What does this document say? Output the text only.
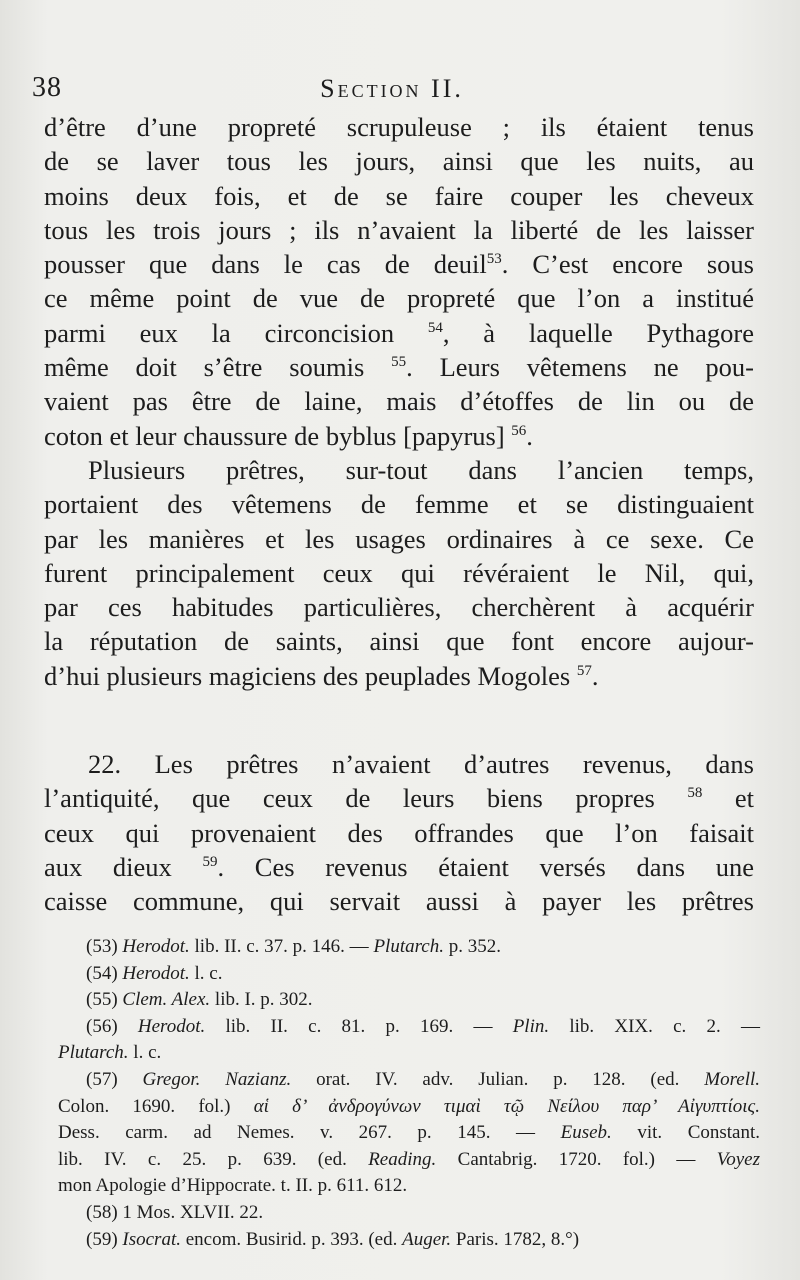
38	Section II.
d’être d’une propreté scrupuleuse ; ils étaient tenus
de se laver tous les jours, ainsi que les nuits, au
moins deux fois, et de se faire couper les cheveux
tous les trois jours ; ils n’avaient la liberté de les laisser
pousser que dans le cas de deuil$^{53}$. C’est encore sous
ce même point de vue de propreté que l’on a institué
parmi eux la circoncision $^{54}$, à laquelle Pythagore
même doit s’être soumis $^{55}$. Leurs vêtemens ne pou-
vaient pas être de laine, mais d’étoffes de lin ou de
coton et leur chaussure de byblus [papyrus] $^{56}$.
Plusieurs prêtres, sur-tout dans l’ancien temps,
portaient des vêtemens de femme et se distinguaient
par les manières et les usages ordinaires à ce sexe. Ce
furent principalement ceux qui révéraient le Nil, qui,
par ces habitudes particulières, cherchèrent à acquérir
la réputation de saints, ainsi que font encore aujour-
d’hui plusieurs magiciens des peuplades Mogoles $^{57}$.
22. Les prêtres n’avaient d’autres revenus, dans
l’antiquité, que ceux de leurs biens propres $^{58}$ et
ceux qui provenaient des offrandes que l’on faisait
aux dieux $^{59}$. Ces revenus étaient versés dans une
caisse commune, qui servait aussi à payer les prêtres
(53) Herodot. lib. II. c. 37. p. 146. — Plutarch. p. 352.
(54) Herodot. l. c.
(55) Clem. Alex. lib. I. p. 302.
(56) Herodot. lib. II. c. 81. p. 169. — Plin. lib. XIX. c. 2. —
Plutarch. l. c.
(57) Gregor. Nazianz. orat. IV. adv. Julian. p. 128. (ed. Morell.
Colon. 1690. fol.) αἱ δ’ ἀνδρογύνων τιμαὶ τῷ Νείλου παρ’ Αἰγυπτίοις.
Dess. carm. ad Nemes. v. 267. p. 145. — Euseb. vit. Constant.
lib. IV. c. 25. p. 639. (ed. Reading. Cantabrig. 1720. fol.) — Voyez
mon Apologie d’Hippocrate. t. II. p. 611. 612.
(58) 1 Mos. XLVII. 22.
(59) Isocrat. encom. Busirid. p. 393. (ed. Auger. Paris. 1782, 8.°)
